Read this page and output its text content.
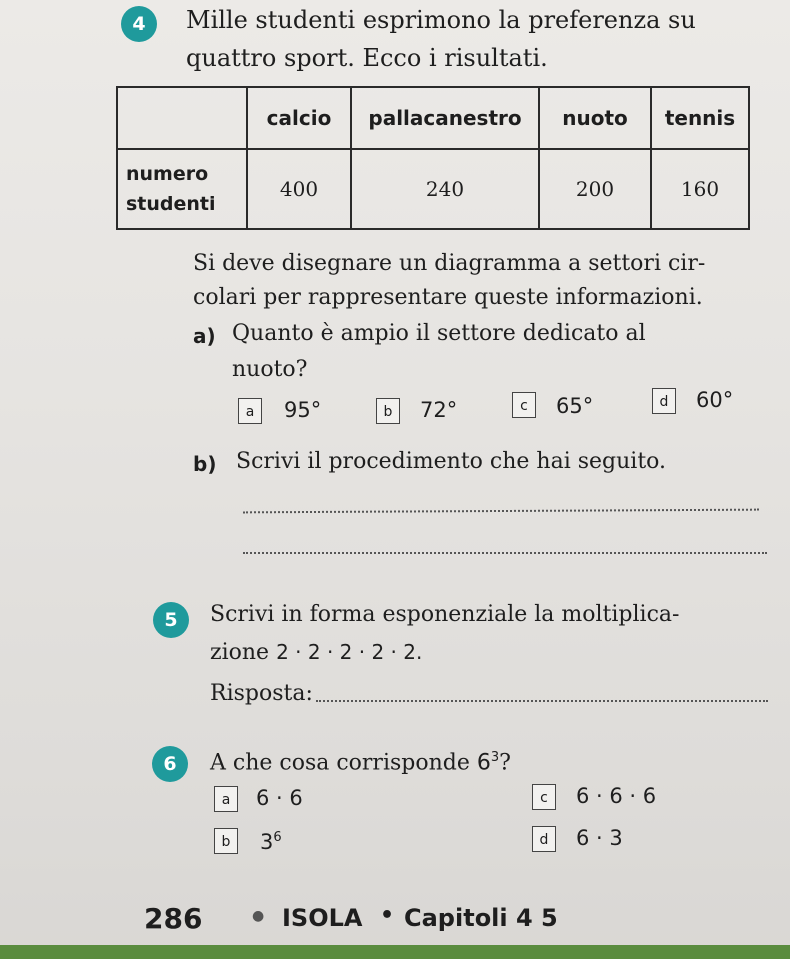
4	Mille studenti esprimono la preferenza su
quattro sport. Ecco i risultati.
	calcio	pallacanestro	nuoto	tennis
numero
studenti	400	240	200	160
Si deve disegnare un diagramma a settori cir-
colari per rappresentare queste informazioni.
a) Quanto è ampio il settore dedicato al
nuoto?
a	95°	b	72°	c	65°	d	60°
b) Scrivi il procedimento che hai seguito.
5	Scrivi in forma esponenziale la moltiplica-
zione 2 · 2 · 2 · 2 · 2.
Risposta:
6	A che cosa corrisponde $6^3$?
a	6 · 6	c	6 · 6 · 6
b	$3^6$	d	6 · 3
286	● ISOLA • Capitoli 4 5
